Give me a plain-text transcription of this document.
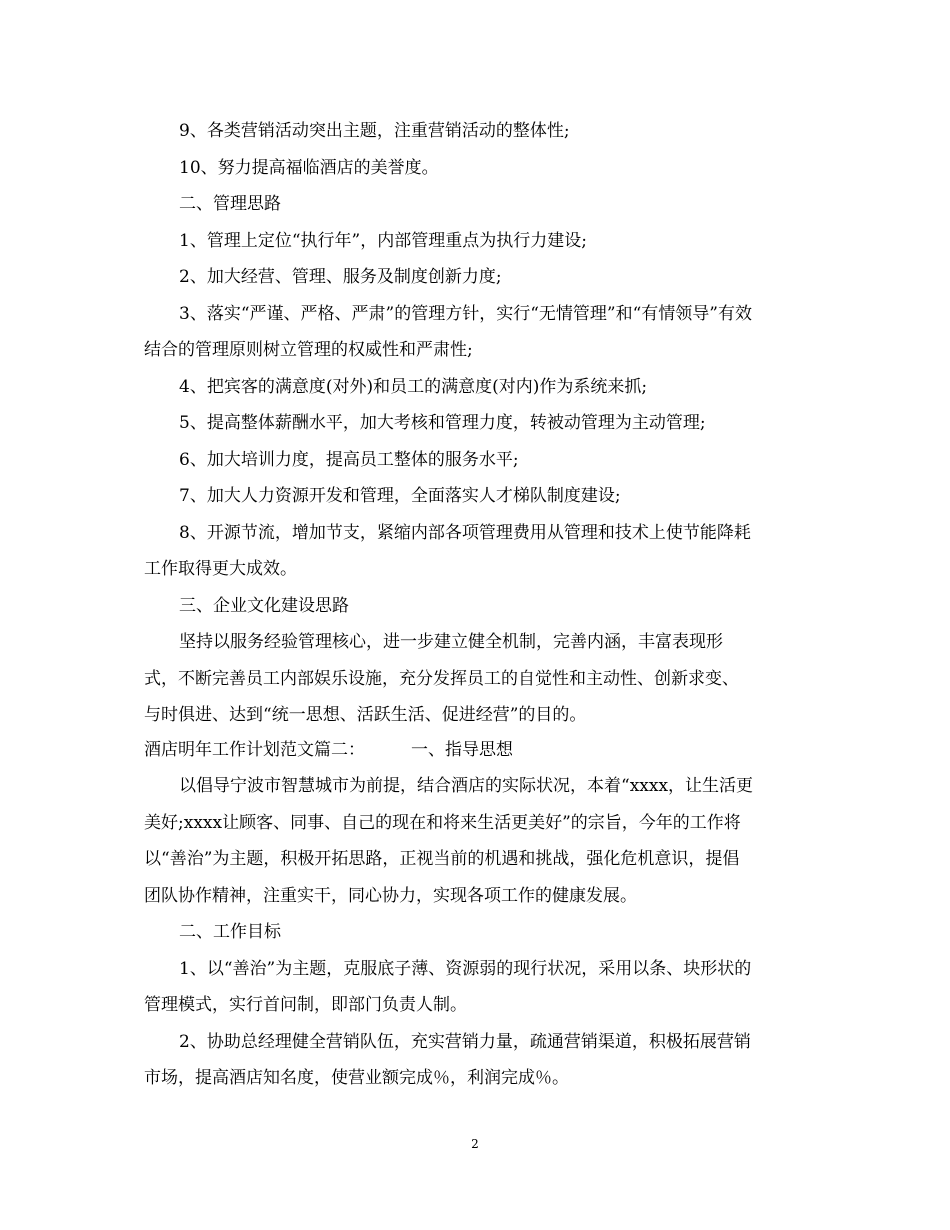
9、各类营销活动突出主题，注重营销活动的整体性;

10、努力提高福临酒店的美誉度。

二、管理思路

1、管理上定位“执行年”，内部管理重点为执行力建设;

2、加大经营、管理、服务及制度创新力度;

3、落实“严谨、严格、严肃”的管理方针，实行“无情管理”和“有情领导”有效

结合的管理原则树立管理的权威性和严肃性;

4、把宾客的满意度(对外)和员工的满意度(对内)作为系统来抓;

5、提高整体薪酬水平，加大考核和管理力度，转被动管理为主动管理;

6、加大培训力度，提高员工整体的服务水平;

7、加大人力资源开发和管理，全面落实人才梯队制度建设;

8、开源节流，增加节支，紧缩内部各项管理费用从管理和技术上使节能降耗

工作取得更大成效。

三、企业文化建设思路

坚持以服务经验管理核心，进一步建立健全机制，完善内涵，丰富表现形

式，不断完善员工内部娱乐设施，充分发挥员工的自觉性和主动性、创新求变、

与时俱进、达到“统一思想、活跃生活、促进经营”的目的。

酒店明年工作计划范文篇二：	一、指导思想

以倡导宁波市智慧城市为前提，结合酒店的实际状况，本着“xxxx，让生活更

美好;xxxx让顾客、同事、自己的现在和将来生活更美好”的宗旨，今年的工作将

以“善治”为主题，积极开拓思路，正视当前的机遇和挑战，强化危机意识，提倡

团队协作精神，注重实干，同心协力，实现各项工作的健康发展。

二、工作目标

1、以“善治”为主题，克服底子薄、资源弱的现行状况，采用以条、块形状的

管理模式，实行首问制，即部门负责人制。

2、协助总经理健全营销队伍，充实营销力量，疏通营销渠道，积极拓展营销

市场，提高酒店知名度，使营业额完成％，利润完成％。

2
